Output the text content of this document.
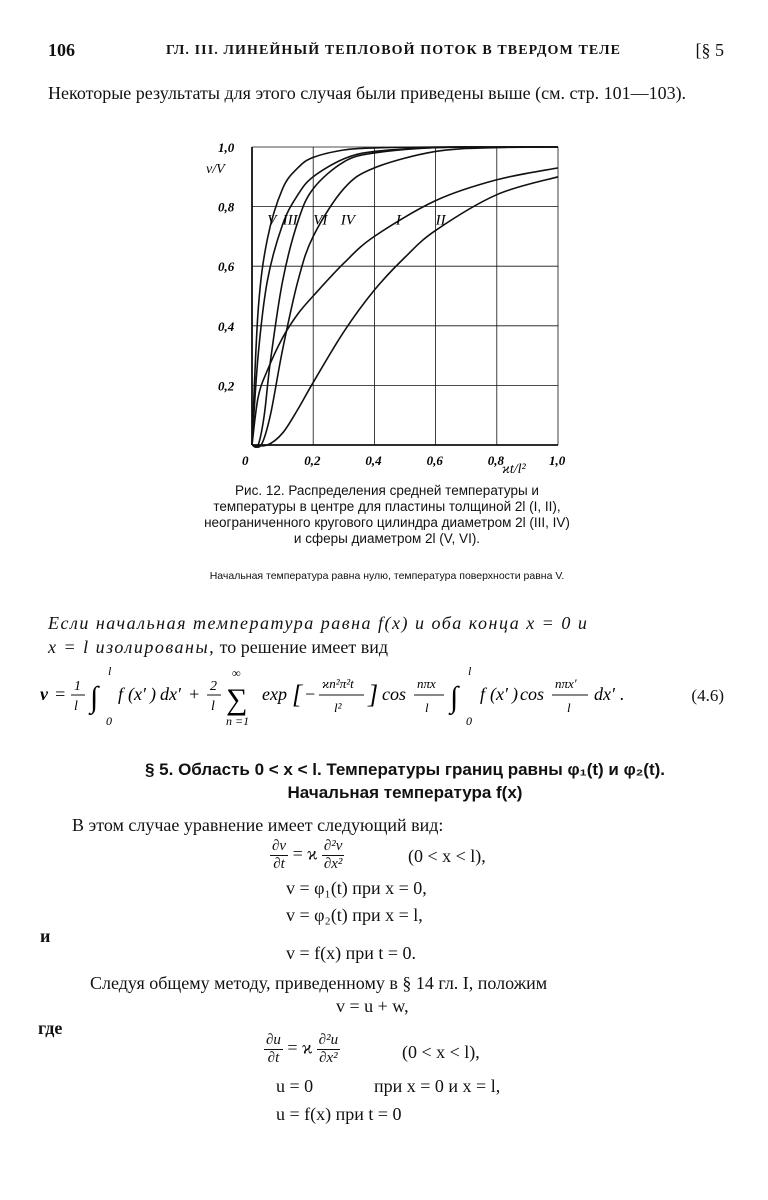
106	ГЛ. III. ЛИНЕЙНЫЙ ТЕПЛОВОЙ ПОТОК В ТВЕРДОМ ТЕЛЕ	[§ 5
Некоторые результаты для этого случая были приведены выше (см. стр. 101—103).
0	0,2	0,4	0,6	0,8	1,0
1,0
0,8
0,6
0,4
0,2
v/V
ϰt/l²
V III VI IV	I II
Рис. 12. Распределения средней температуры и температуры в центре для пластины толщиной 2l (I, II), неограниченного кругового цилиндра диаметром 2l (III, IV) и сферы диаметром 2l (V, VI).
Начальная температура равна нулю, температура поверхности равна V.
Если начальная температура равна f(x) и оба конца x = 0 и
x = l изолированы, то решение имеет вид
v = 1
l ∫
l
0
f ( x′ ) dx′ + 2
l ∑
∞
n =1
exp [ −
ϰn²π²t
l² ] cos
nπx
l ∫
l
0
f ( x′ ) cos
nπx′
l
dx′ .	(4.6)
§ 5. Область 0 < x < l. Температуры границ равны φ₁(t) и φ₂(t).
Начальная температура f(x)
В этом случае уравнение имеет следующий вид:
$\frac{\partial v}{\partial t} = ϰ \frac{\text{∂²v}}{\text{∂x²}}$	(0 < x < l),
v = φ₁(t) при x = 0,
v = φ₂(t) при x = l,
и
v = f(x) при t = 0.
Следуя общему методу, приведенному в § 14 гл. I, положим
v = u + w,
где
$\frac{\partial u}{\partial t} = ϰ \frac{\text{∂²u}}{\text{∂x²}}$	(0 < x < l),
u = 0	при x = 0 и x = l,
u = f(x) при t = 0
